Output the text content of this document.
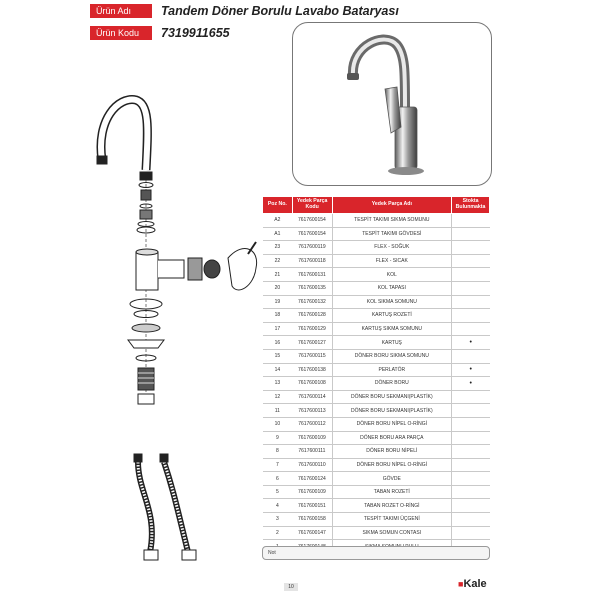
Ürün Adı	Tandem Döner Borulu Lavabo Bataryası
Ürün Kodu	7319911655
Poz No.	Yedek Parça Kodu	Yedek Parça Adı	Stokta Bulunmakta
A2	7617600154	TESPİT TAKIMI SIKMA SOMUNU	
A1	7617600154	TESPİT TAKIMI GÖVDESİ	
23	7617600119	FLEX - SOĞUK	
22	7617600118	FLEX - SICAK	
21	7617600131	KOL	
20	7617600135	KOL TAPASI	
19	7617600132	KOL SIKMA SOMUNU	
18	7617600128	KARTUŞ ROZETİ	
17	7617600129	KARTUŞ SIKMA SOMUNU	
16	7617600127	KARTUŞ	•
15	7617600115	DÖNER BORU SIKMA SOMUNU	
14	7617600138	PERLATÖR	•
13	7617600108	DÖNER BORU	•
12	7617600114	DÖNER BORU SEKMANI(PLASTİK)	
11	7617600113	DÖNER BORU SEKMANI(PLASTİK)	
10	7617600112	DÖNER BORU NİPEL O-RİNGİ	
9	7617600109	DÖNER BORU ARA PARÇA	
8	7617600111	DÖNER BORU NİPELİ	
7	7617600110	DÖNER BORU NİPEL O-RİNGİ	
6	7617600124	GÖVDE	
5	7617600109	TABAN ROZETİ	
4	7617600151	TABAN ROZET O-RİNGİ	
3	7617600158	TESPİT TAKIMI ÜÇGENİ	
2	7617600147	SIKMA SOMUN CONTASI	

Not
10	■Kale
